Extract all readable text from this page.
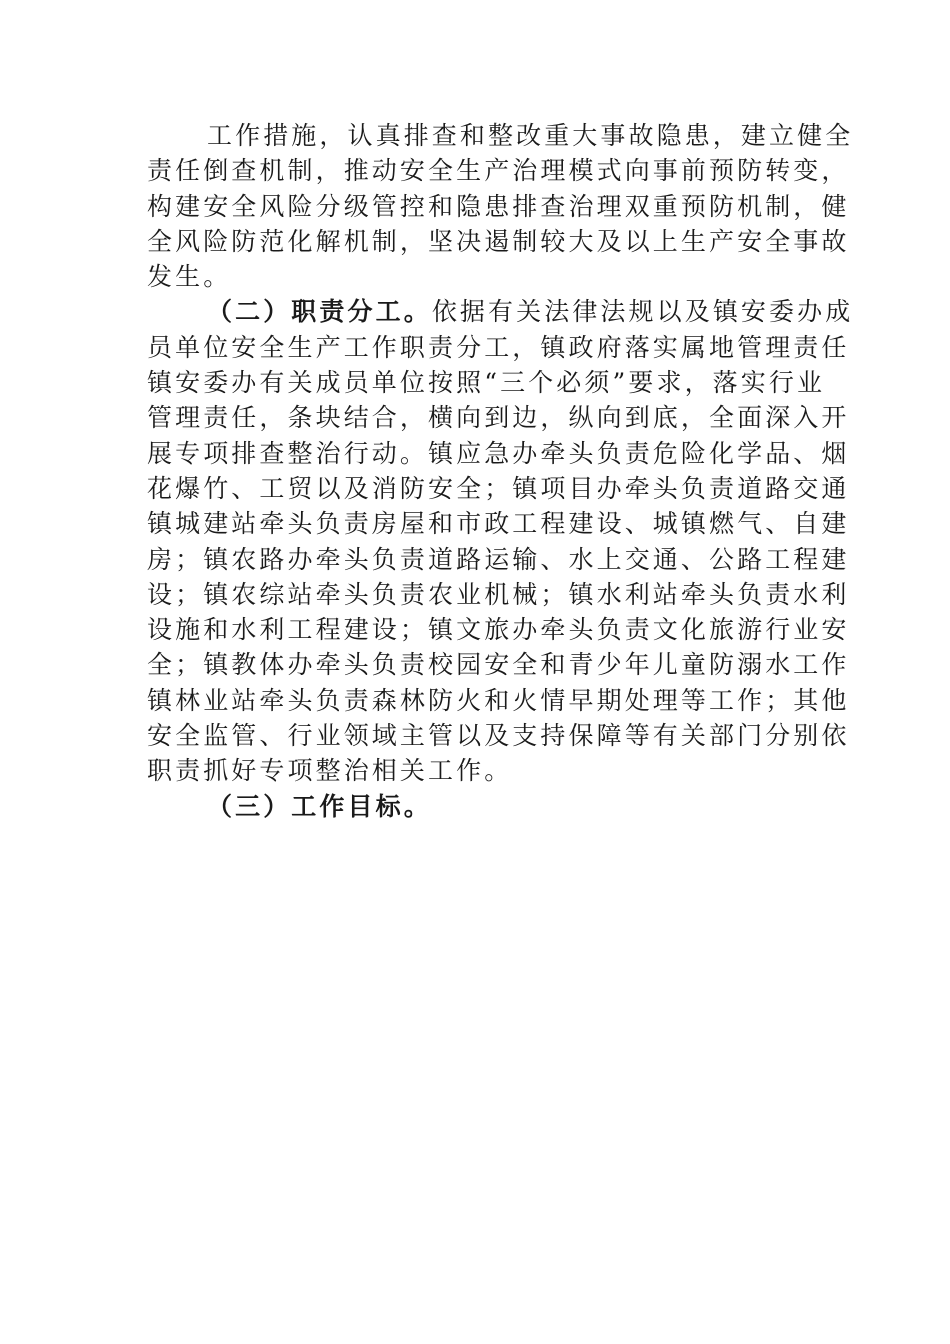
工作措施，认真排查和整改重大事故隐患，建立健全
责任倒查机制，推动安全生产治理模式向事前预防转变，
构建安全风险分级管控和隐患排查治理双重预防机制，健
全风险防范化解机制，坚决遏制较大及以上生产安全事故
发生。
（二）职责分工。依据有关法律法规以及镇安委办成
员单位安全生产工作职责分工，镇政府落实属地管理责任
镇安委办有关成员单位按照“三个必须”要求，落实行业
管理责任，条块结合，横向到边，纵向到底，全面深入开
展专项排查整治行动。镇应急办牵头负责危险化学品、烟
花爆竹、工贸以及消防安全；镇项目办牵头负责道路交通
镇城建站牵头负责房屋和市政工程建设、城镇燃气、自建
房；镇农路办牵头负责道路运输、水上交通、公路工程建
设；镇农综站牵头负责农业机械；镇水利站牵头负责水利
设施和水利工程建设；镇文旅办牵头负责文化旅游行业安
全；镇教体办牵头负责校园安全和青少年儿童防溺水工作
镇林业站牵头负责森林防火和火情早期处理等工作；其他
安全监管、行业领域主管以及支持保障等有关部门分别依
职责抓好专项整治相关工作。
（三）工作目标。
